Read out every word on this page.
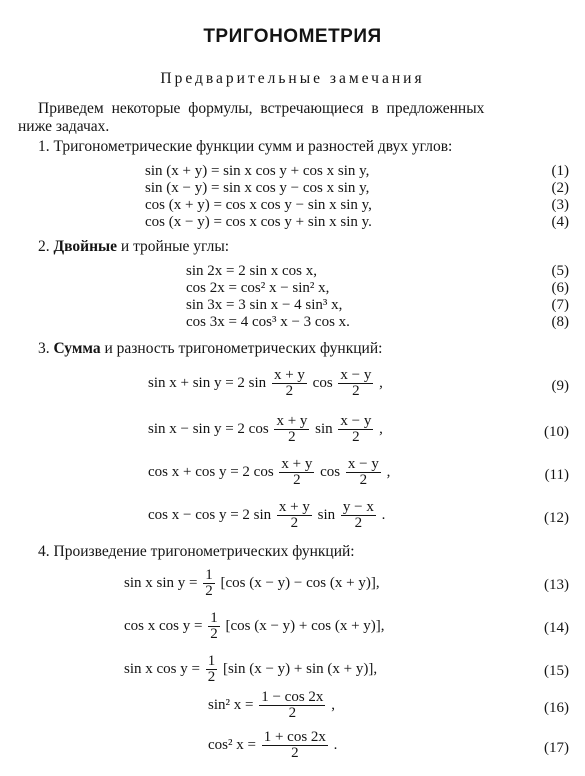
ТРИГОНОМЕТРИЯ
Предварительные замечания
Приведем некоторые формулы, встречающиеся в предложенных
ниже задачах.
1. Тригонометрические функции сумм и разностей двух углов:
sin (x + y) = sin x cos y + cos x sin y,	(1)
sin (x − y) = sin x cos y − cos x sin y,	(2)
cos (x + y) = cos x cos y − sin x sin y,	(3)
cos (x − y) = cos x cos y + sin x sin y.	(4)
2. Двойные и тройные углы:
sin 2x = 2 sin x cos x,	(5)
cos 2x = cos² x − sin² x,	(6)
sin 3x = 3 sin x − 4 sin³ x,	(7)
cos 3x = 4 cos³ x − 3 cos x.	(8)
3. Сумма и разность тригонометрических функций:
sin x + sin y = 2 $\sin \frac{x + y}{2}$ $\cos \frac{x - y}{2}$ ,	(9)
sin x − sin y = 2 $\cos \frac{x + y}{2}$ $\sin \frac{x - y}{2}$ ,	(10)
cos x + cos y = 2 $\cos \frac{x + y}{2}$ $\cos \frac{x - y}{2}$ ,	(11)
cos x − cos y = 2 $\sin \frac{x + y}{2}$ $\sin \frac{y - x}{2}$ .	(12)
4. Произведение тригонометрических функций:
sin x $\sin y = \frac{1}{2} [\cos$ (x − y) − cos (x + y)],	(13)
cos x $\cos y = \frac{1}{2} [\cos$ (x − y) + cos (x + y)],	(14)
sin x $\cos y = \frac{1}{2} [\sin$ (x − y) + sin (x + y)],	(15)
sin² $x = \frac{1 - \cos 2x}{2}$ ,	(16)
cos² $x = \frac{1 + \cos 2x}{2}$ .	(17)
